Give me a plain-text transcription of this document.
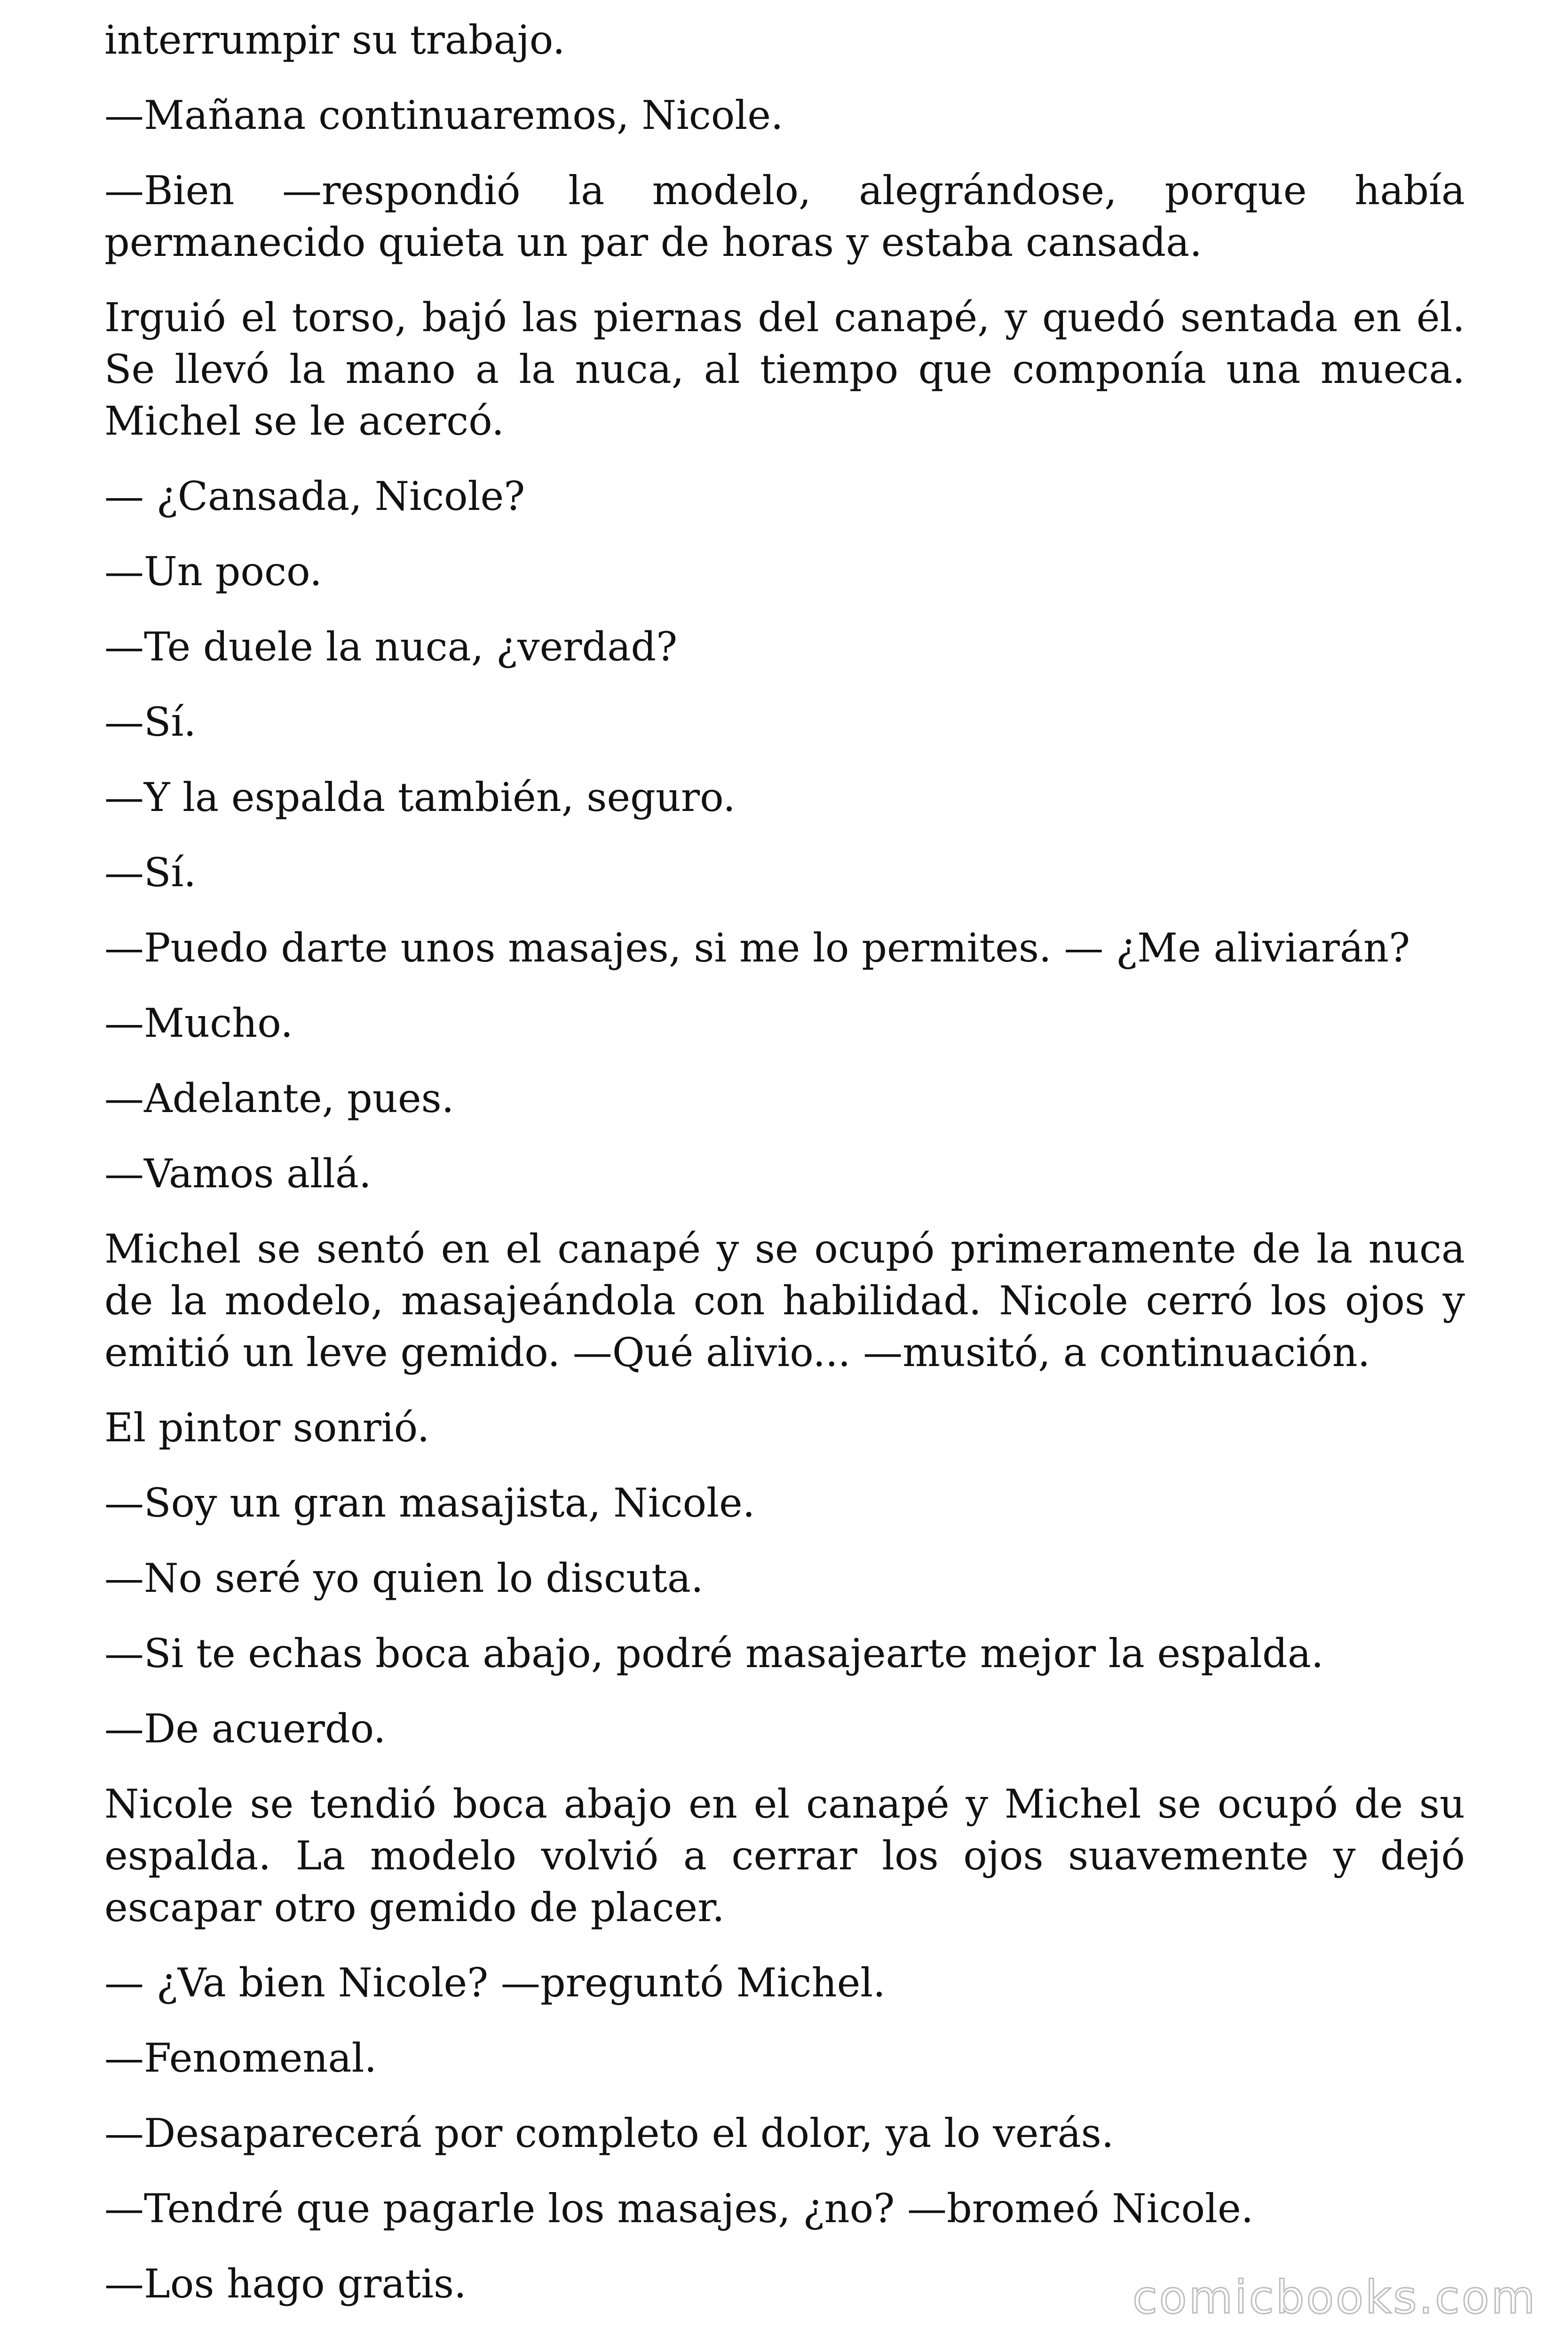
interrumpir su trabajo.

—Mañana continuaremos, Nicole.

—Bien —respondió la modelo, alegrándose, porque había permanecido quieta un par de horas y estaba cansada.

Irguió el torso, bajó las piernas del canapé, y quedó sentada en él. Se llevó la mano a la nuca, al tiempo que componía una mueca. Michel se le acercó.

— ¿Cansada, Nicole?

—Un poco.

—Te duele la nuca, ¿verdad?

—Sí.

—Y la espalda también, seguro.

—Sí.

—Puedo darte unos masajes, si me lo permites. — ¿Me aliviarán?

—Mucho.

—Adelante, pues.

—Vamos allá.

Michel se sentó en el canapé y se ocupó primeramente de la nuca de la modelo, masajeándola con habilidad. Nicole cerró los ojos y emitió un leve gemido. —Qué alivio... —musitó, a continuación.

El pintor sonrió.

—Soy un gran masajista, Nicole.

—No seré yo quien lo discuta.

—Si te echas boca abajo, podré masajearte mejor la espalda.

—De acuerdo.

Nicole se tendió boca abajo en el canapé y Michel se ocupó de su espalda. La modelo volvió a cerrar los ojos suavemente y dejó escapar otro gemido de placer.

— ¿Va bien Nicole? —preguntó Michel.

—Fenomenal.

—Desaparecerá por completo el dolor, ya lo verás.

—Tendré que pagarle los masajes, ¿no? —bromeó Nicole.

—Los hago gratis.	comicbooks.com
